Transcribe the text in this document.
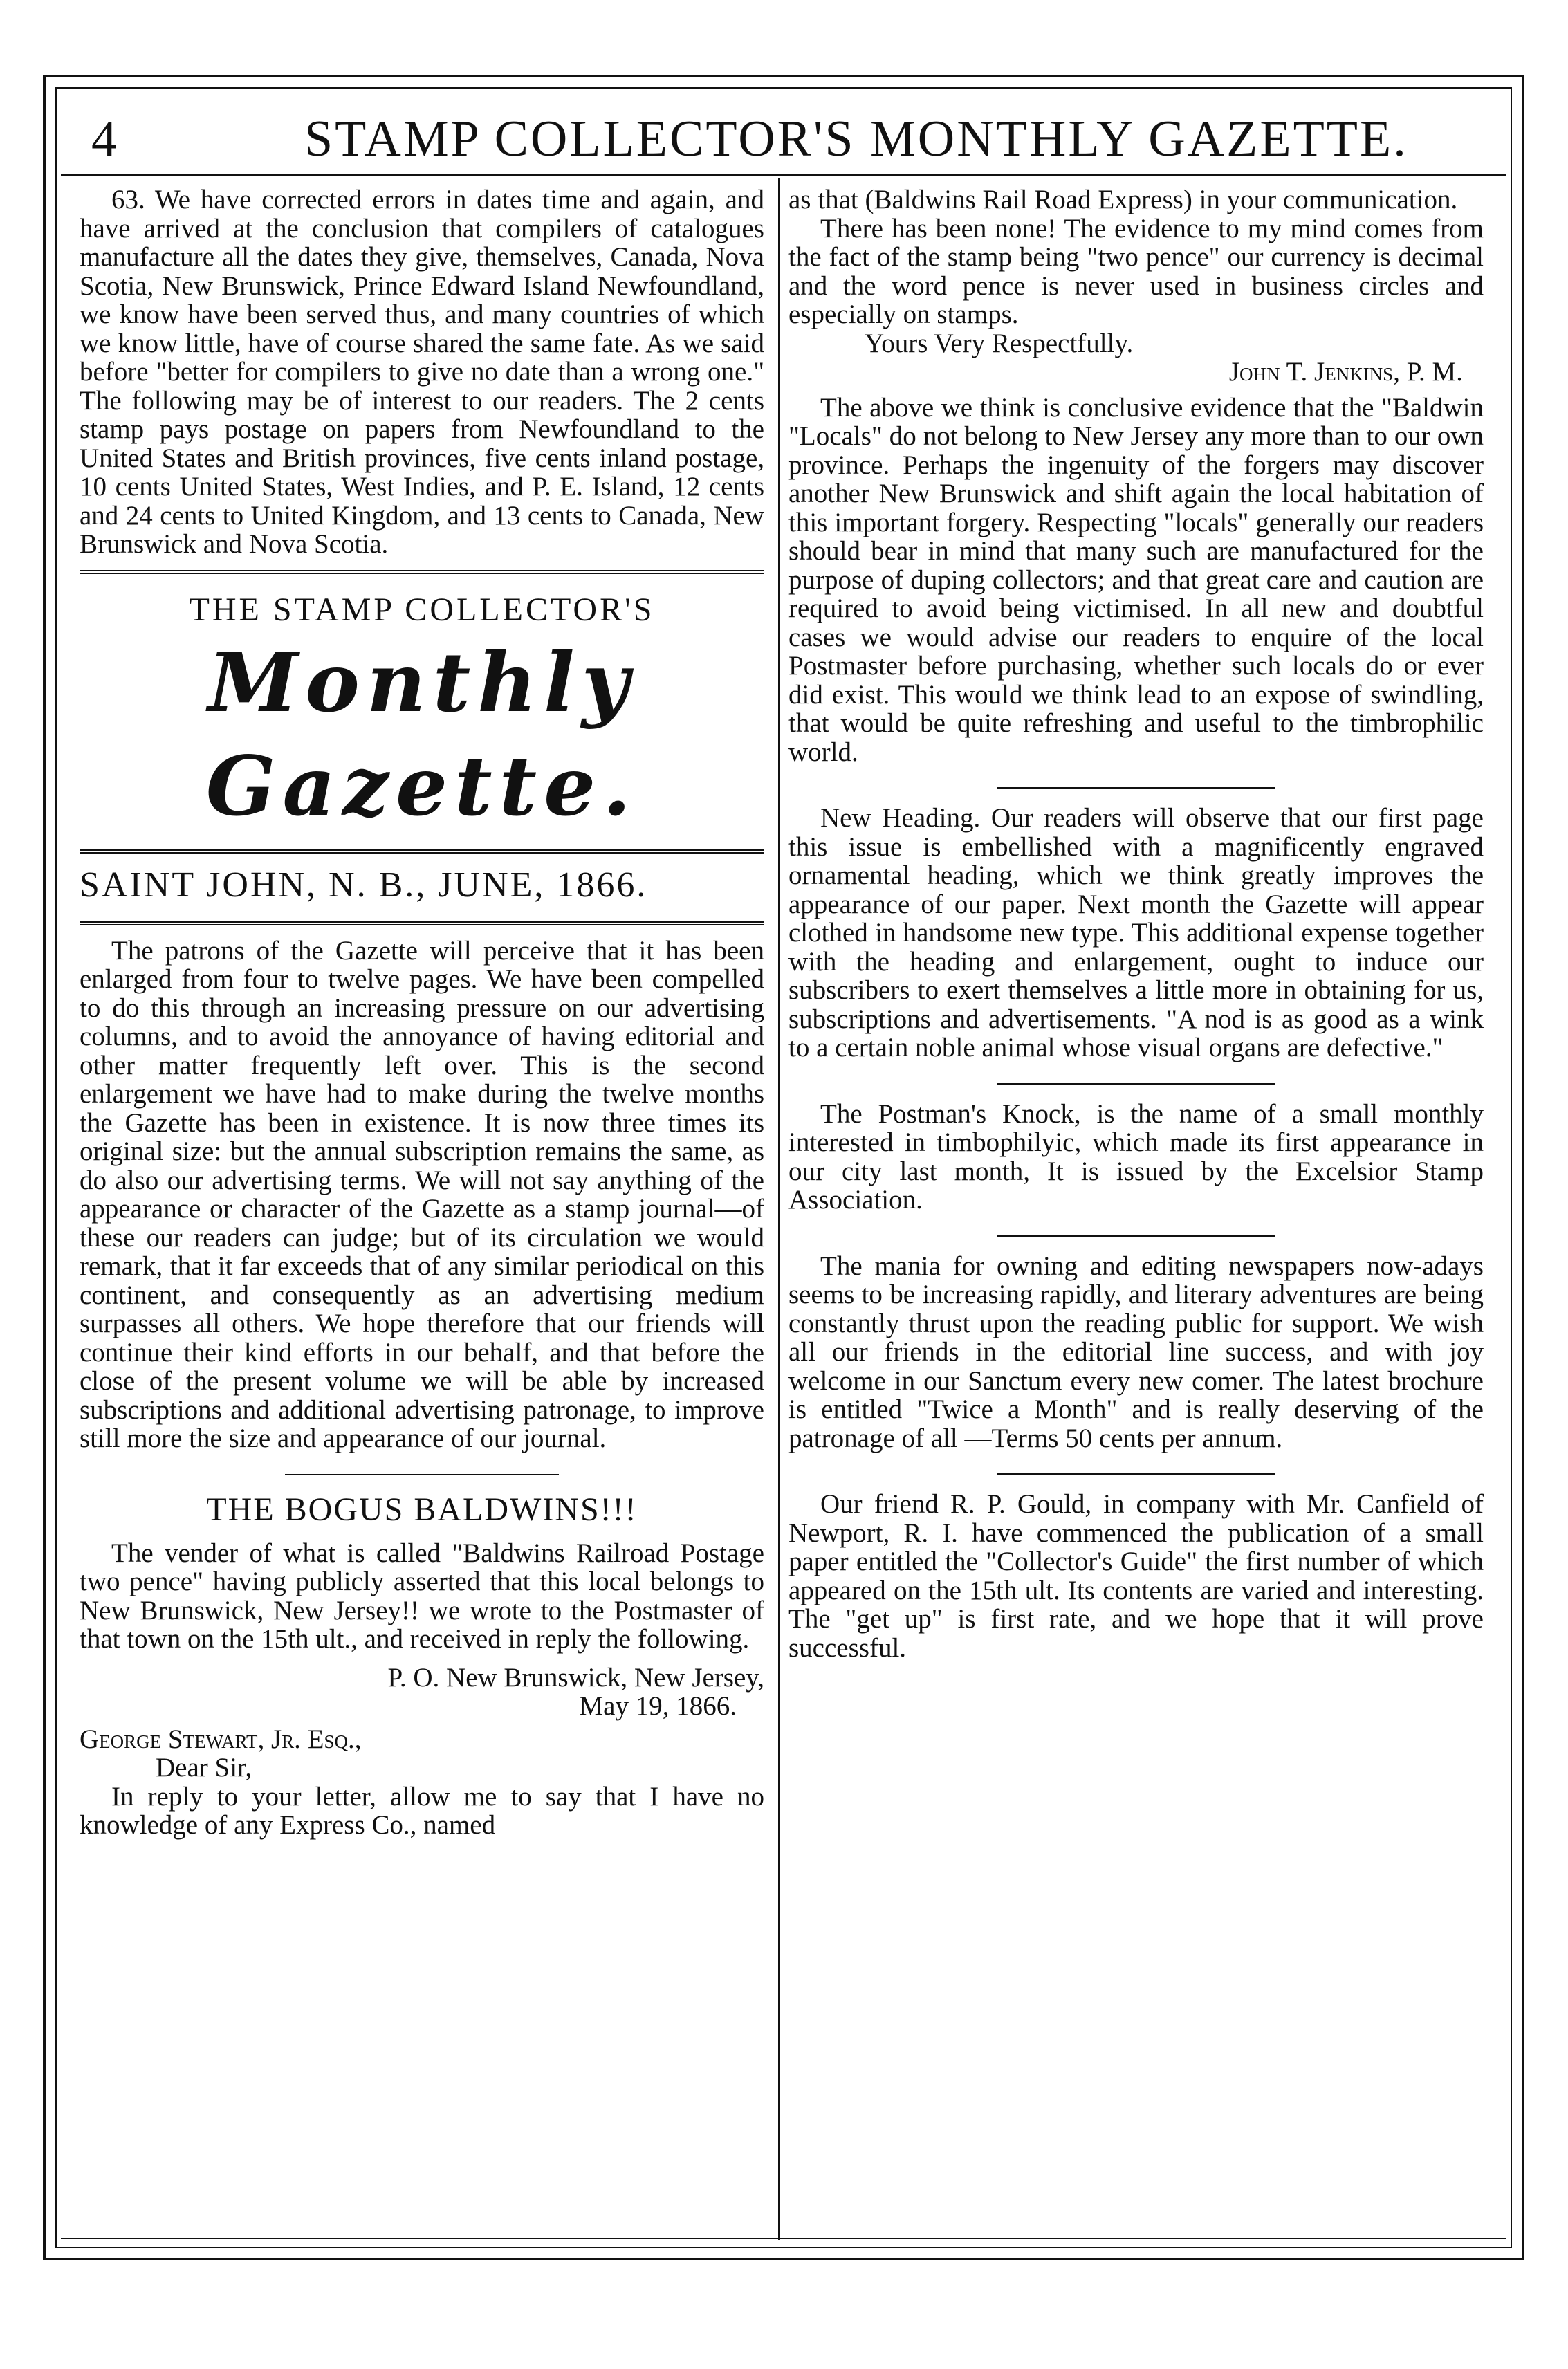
4	STAMP COLLECTOR'S MONTHLY GAZETTE.

63. We have corrected errors in dates time and again, and have arrived at the conclusion that compilers of catalogues manufacture all the dates they give, themselves, Canada, Nova Scotia, New Brunswick, Prince Edward Island Newfoundland, we know have been served thus, and many countries of which we know little, have of course shared the same fate. As we said before "better for compilers to give no date than a wrong one." The following may be of interest to our readers. The 2 cents stamp pays postage on papers from Newfoundland to the United States and British provinces, five cents inland postage, 10 cents United States, West Indies, and P. E. Island, 12 cents and 24 cents to United Kingdom, and 13 cents to Canada, New Brunswick and Nova Scotia.

THE STAMP COLLECTOR'S
Monthly Gazette.
SAINT JOHN, N. B., JUNE, 1866.

The patrons of the Gazette will perceive that it has been enlarged from four to twelve pages. We have been compelled to do this through an increasing pressure on our advertising columns, and to avoid the annoyance of having editorial and other matter frequently left over. This is the second enlargement we have had to make during the twelve months the Gazette has been in existence. It is now three times its original size: but the annual subscription remains the same, as do also our advertising terms. We will not say anything of the appearance or character of the Gazette as a stamp journal—of these our readers can judge; but of its circulation we would remark, that it far exceeds that of any similar periodical on this continent, and consequently as an advertising medium surpasses all others. We hope therefore that our friends will continue their kind efforts in our behalf, and that before the close of the present volume we will be able by increased subscriptions and additional advertising patronage, to improve still more the size and appearance of our journal.

THE BOGUS BALDWINS!!!

The vender of what is called "Baldwins Railroad Postage two pence" having publicly asserted that this local belongs to New Brunswick, New Jersey!! we wrote to the Postmaster of that town on the 15th ult., and received in reply the following.

P. O. New Brunswick, New Jersey,

May 19, 1866.

George Stewart, Jr. Esq.,

Dear Sir,

In reply to your letter, allow me to say that I have no knowledge of any Express Co., named

as that (Baldwins Rail Road Express) in your communication.

There has been none! The evidence to my mind comes from the fact of the stamp being "two pence" our currency is decimal and the word pence is never used in business circles and especially on stamps.

Yours Very Respectfully.

John T. Jenkins, P. M.

The above we think is conclusive evidence that the "Baldwin "Locals" do not belong to New Jersey any more than to our own province. Perhaps the ingenuity of the forgers may discover another New Brunswick and shift again the local habitation of this important forgery. Respecting "locals" generally our readers should bear in mind that many such are manufactured for the purpose of duping collectors; and that great care and caution are required to avoid being victimised. In all new and doubtful cases we would advise our readers to enquire of the local Postmaster before purchasing, whether such locals do or ever did exist. This would we think lead to an expose of swindling, that would be quite refreshing and useful to the timbrophilic world.

New Heading. Our readers will observe that our first page this issue is embellished with a magnificently engraved ornamental heading, which we think greatly improves the appearance of our paper. Next month the Gazette will appear clothed in handsome new type. This additional expense together with the heading and enlargement, ought to induce our subscribers to exert themselves a little more in obtaining for us, subscriptions and advertisements. "A nod is as good as a wink to a certain noble animal whose visual organs are defective."

The Postman's Knock, is the name of a small monthly interested in timbophilyic, which made its first appearance in our city last month, It is issued by the Excelsior Stamp Association.

The mania for owning and editing newspapers now-adays seems to be increasing rapidly, and literary adventures are being constantly thrust upon the reading public for support. We wish all our friends in the editorial line success, and with joy welcome in our Sanctum every new comer. The latest brochure is entitled "Twice a Month" and is really deserving of the patronage of all —Terms 50 cents per annum.

Our friend R. P. Gould, in company with Mr. Canfield of Newport, R. I. have commenced the publication of a small paper entitled the "Collector's Guide" the first number of which appeared on the 15th ult. Its contents are varied and interesting. The "get up" is first rate, and we hope that it will prove successful.
